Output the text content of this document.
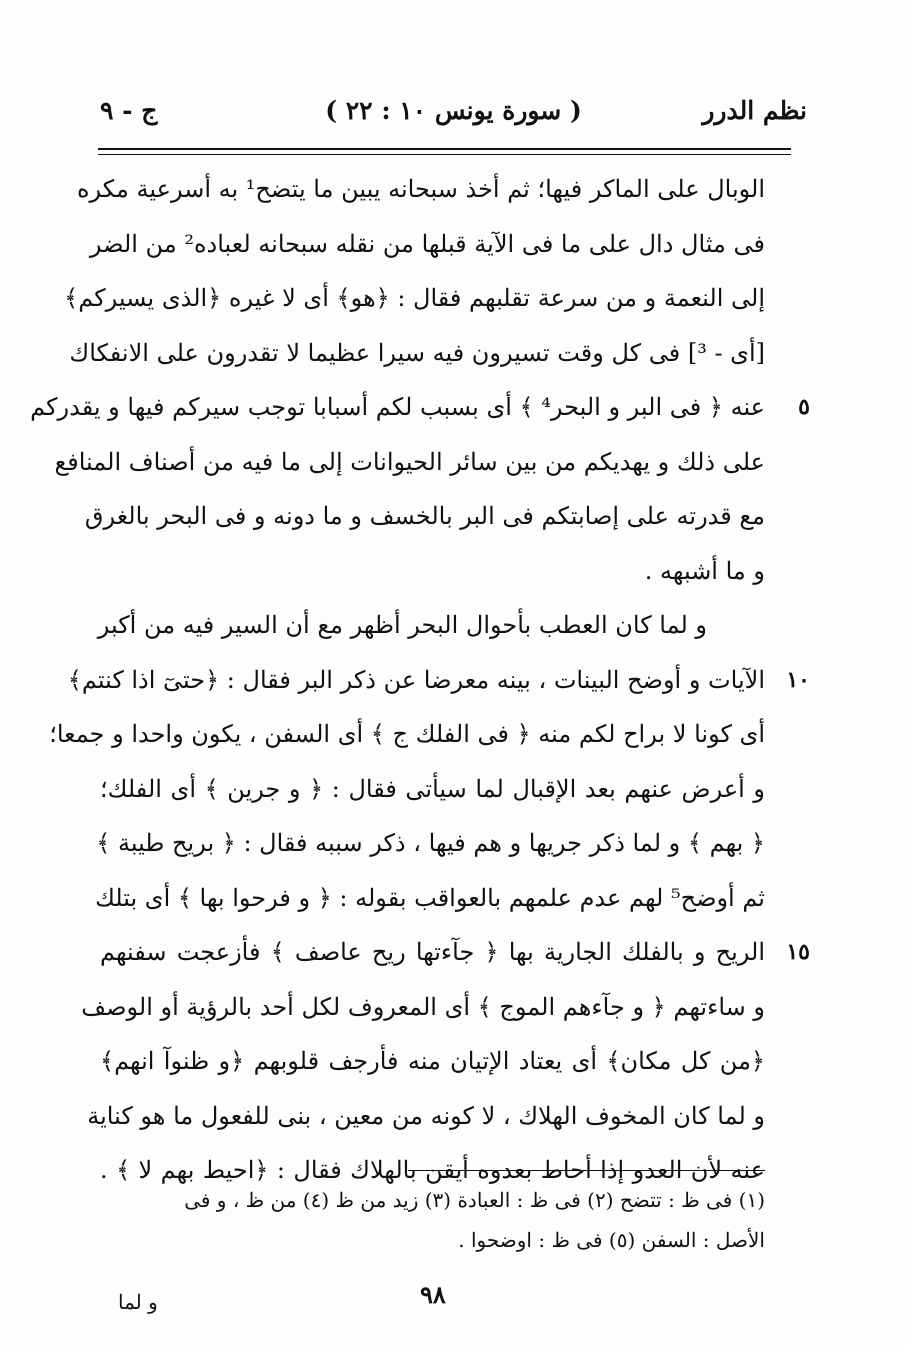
نظم الدرر
( سورة يونس ١٠ : ٢٢ )
ج - ٩
الوبال على الماكر فيها؛ ثم أخذ سبحانه يبين ما يتضح¹ به أسرعية مكره
فى مثال دال على ما فى الآية قبلها من نقله سبحانه لعباده² من الضر
إلى النعمة و من سرعة تقلبهم فقال : ﴿هو﴾ أى لا غيره ﴿الذى يسيركم﴾
[أى - ³] فى كل وقت تسيرون فيه سيرا عظيما لا تقدرون على الانفكاك
عنه ﴿ فى البر و البحر⁴ ﴾ أى بسبب لكم أسبابا توجب سيركم فيها و يقدركم ٥
على ذلك و يهديكم من بين سائر الحيوانات إلى ما فيه من أصناف المنافع
مع قدرته على إصابتكم فى البر بالخسف و ما دونه و فى البحر بالغرق
و ما أشبهه .
و لما كان العطب بأحوال البحر أظهر مع أن السير فيه من أكبر
الآيات و أوضح البينات ، بينه معرضا عن ذكر البر فقال : ﴿حتىٓ اذا كنتم﴾ ١٠
أى كونا لا براح لكم منه ﴿ فى الفلك ج ﴾ أى السفن ، يكون واحدا و جمعا؛
و أعرض عنهم بعد الإقبال لما سيأتى فقال : ﴿ و جرين ﴾ أى الفلك؛
﴿ بهم ﴾ و لما ذكر جريها و هم فيها ، ذكر سببه فقال : ﴿ بريح طيبة ﴾
ثم أوضح⁵ لهم عدم علمهم بالعواقب بقوله : ﴿ و فرحوا بها ﴾ أى بتلك
الريح و بالفلك الجارية بها ﴿ جآءتها ريح عاصف ﴾ فأزعجت سفنهم ١٥
و ساءتهم ﴿ و جآءهم الموج ﴾ أى المعروف لكل أحد بالرؤية أو الوصف
﴿من كل مكان﴾ أى يعتاد الإتيان منه فأرجف قلوبهم ﴿و ظنوآ انهم﴾
و لما كان المخوف الهلاك ، لا كونه من معين ، بنى للفعول ما هو كناية
عنه لأن العدو إذا أحاط بعدوه أيقن بالهلاك فقال : ﴿احيط بهم لا ﴾ .
(١) فى ظ : تتضح (٢) فى ظ : العبادة (٣) زيد من ظ (٤) من ظ ، و فى
الأصل : السفن (٥) فى ظ : اوضحوا .
٩٨
و لما
